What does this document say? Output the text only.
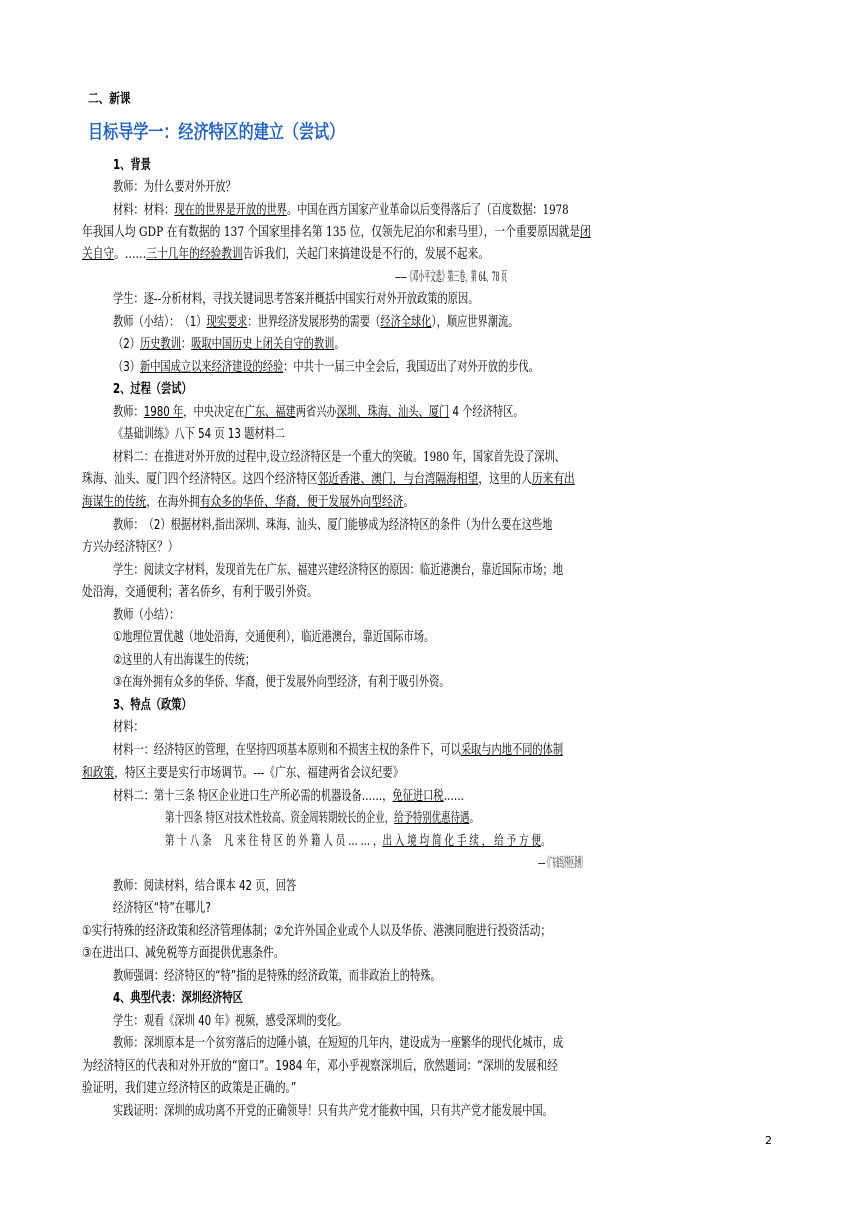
二、新课
目标导学一：经济特区的建立（尝试）
1、背景
教师：为什么要对外开放？
材料：材料：现在的世界是开放的世界。中国在西方国家产业革命以后变得落后了（百度数据：1978
年我国人均 GDP 在有数据的 137 个国家里排名第 135 位，仅领先尼泊尔和索马里），一个重要原因就是闭
关自守。……三十几年的经验教训告诉我们，关起门来搞建设是不行的，发展不起来。
——《邓小平文选》第三卷，第 64、78 页
学生：逐--分析材料，寻找关键词思考答案并概括中国实行对外开放政策的原因。
教师（小结）：　（1）现实要求：世界经济发展形势的需要（经济全球化），顺应世界潮流。
（2）历史教训：吸取中国历史上闭关自守的教训。
（3）新中国成立以来经济建设的经验：中共十一届三中全会后，我国迈出了对外开放的步伐。
2、过程（尝试）
教师：1980 年，中央决定在广东、福建两省兴办深圳、珠海、汕头、厦门 4 个经济特区。
《基础训练》八下 54 页 13 题材料二
材料二：在推进对外开放的过程中,设立经济特区是一个重大的突破。1980 年，国家首先设了深圳、
珠海、汕头、厦门四个经济特区。这四个经济特区邻近香港、澳门，与台湾隔海相望，这里的人历来有出
海谋生的传统，在海外拥有众多的华侨、华裔，便于发展外向型经济。
教师：　（2）根据材料,指出深圳、珠海、汕头、厦门能够成为经济特区的条件（为什么要在这些地
方兴办经济特区？）
学生：阅读文字材料，发现首先在广东、福建兴建经济特区的原因：临近港澳台，靠近国际市场；地
处沿海，交通便利；著名侨乡，有利于吸引外资。
教师（小结）：
①地理位置优越（地处沿海，交通便利），临近港澳台，靠近国际市场。
②这里的人有出海谋生的传统；
③在海外拥有众多的华侨、华裔，便于发展外向型经济，有利于吸引外资。
3、特点（政策）
材料：
材料一：经济特区的管理，在坚持四项基本原则和不损害主权的条件下，可以采取与内地不同的体制
和政策，特区主要是实行市场调节。---《广东、福建两省会议纪要》
材料二：第十三条 特区企业进口生产所必需的机器设备……，免征进口税……
第十四条 特区对技术性较高、资金周转期较长的企业，给予特别优惠待遇。
第 十 八 条　 凡 来 往 特 区 的 外 籍 人 员 … … ，出 入 境 均 简 化 手 续 ， 给 予 方 便。
——《广东省经济特区条例》
教师：阅读材料，结合课本 42 页，回答
经济特区“特”在哪儿?
①实行特殊的经济政策和经济管理体制；②允许外国企业或个人以及华侨、港澳同胞进行投资活动；
③在进出口、减免税等方面提供优惠条件。
教师强调：经济特区的“特”指的是特殊的经济政策，而非政治上的特殊。
4、典型代表：深圳经济特区
学生：观看《深圳 40 年》视频，感受深圳的变化。
教师：深圳原本是一个贫穷落后的边陲小镇，在短短的几年内，建设成为一座繁华的现代化城市，成
为经济特区的代表和对外开放的“窗口”。1984 年，邓小乎视察深圳后，欣然题词：“深圳的发展和经
验证明，我们建立经济特区的政策是正确的。”
实践证明：深圳的成功离不开党的正确领导！只有共产党才能救中国，只有共产党才能发展中国。
2
